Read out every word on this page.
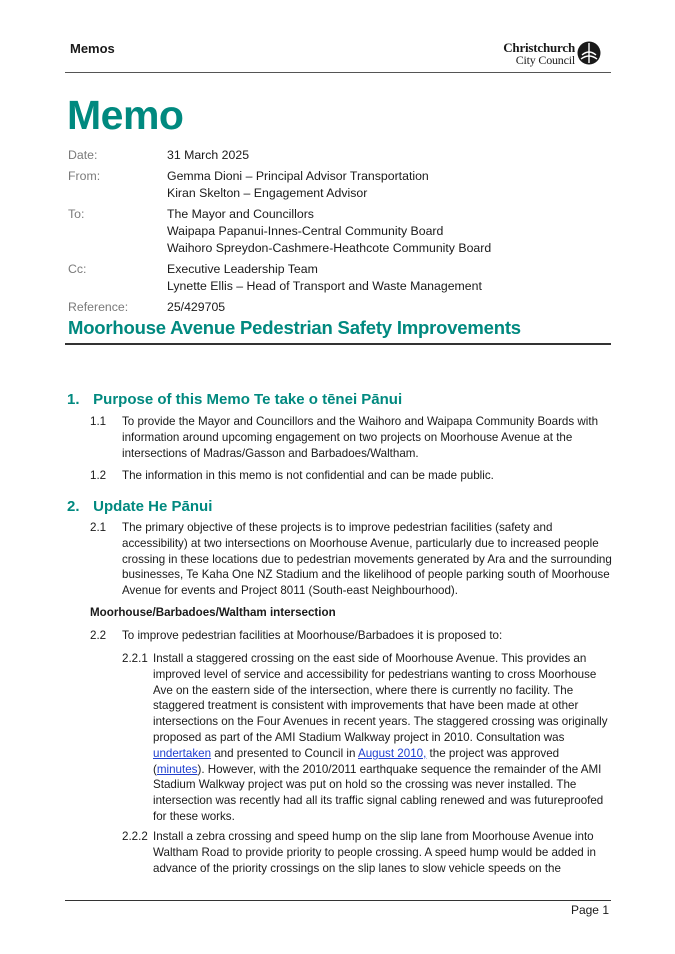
Memos	Christchurch
City Council
Memo
Date:	31 March 2025
From:	Gemma Dioni – Principal Advisor Transportation
Kiran Skelton – Engagement Advisor
To:	The Mayor and Councillors
Waipapa Papanui-Innes-Central Community Board
Waihoro Spreydon-Cashmere-Heathcote Community Board
Cc:	Executive Leadership Team
Lynette Ellis – Head of Transport and Waste Management
Reference:	25/429705
Moorhouse Avenue Pedestrian Safety Improvements
1. Purpose of this Memo Te take o tēnei Pānui
1.1 To provide the Mayor and Councillors and the Waihoro and Waipapa Community Boards with information around upcoming engagement on two projects on Moorhouse Avenue at the intersections of Madras/Gasson and Barbadoes/Waltham.
1.2 The information in this memo is not confidential and can be made public.
2. Update He Pānui
2.1 The primary objective of these projects is to improve pedestrian facilities (safety and accessibility) at two intersections on Moorhouse Avenue, particularly due to increased people crossing in these locations due to pedestrian movements generated by Ara and the surrounding businesses, Te Kaha One NZ Stadium and the likelihood of people parking south of Moorhouse Avenue for events and Project 8011 (South-east Neighbourhood).
Moorhouse/Barbadoes/Waltham intersection
2.2 To improve pedestrian facilities at Moorhouse/Barbadoes it is proposed to:
2.2.1 Install a staggered crossing on the east side of Moorhouse Avenue. This provides an improved level of service and accessibility for pedestrians wanting to cross Moorhouse Ave on the eastern side of the intersection, where there is currently no facility. The staggered treatment is consistent with improvements that have been made at other intersections on the Four Avenues in recent years. The staggered crossing was originally proposed as part of the AMI Stadium Walkway project in 2010. Consultation was undertaken and presented to Council in August 2010, the project was approved (minutes). However, with the 2010/2011 earthquake sequence the remainder of the AMI Stadium Walkway project was put on hold so the crossing was never installed. The intersection was recently had all its traffic signal cabling renewed and was futureproofed for these works.
2.2.2 Install a zebra crossing and speed hump on the slip lane from Moorhouse Avenue into Waltham Road to provide priority to people crossing. A speed hump would be added in advance of the priority crossings on the slip lanes to slow vehicle speeds on the
Page 1
